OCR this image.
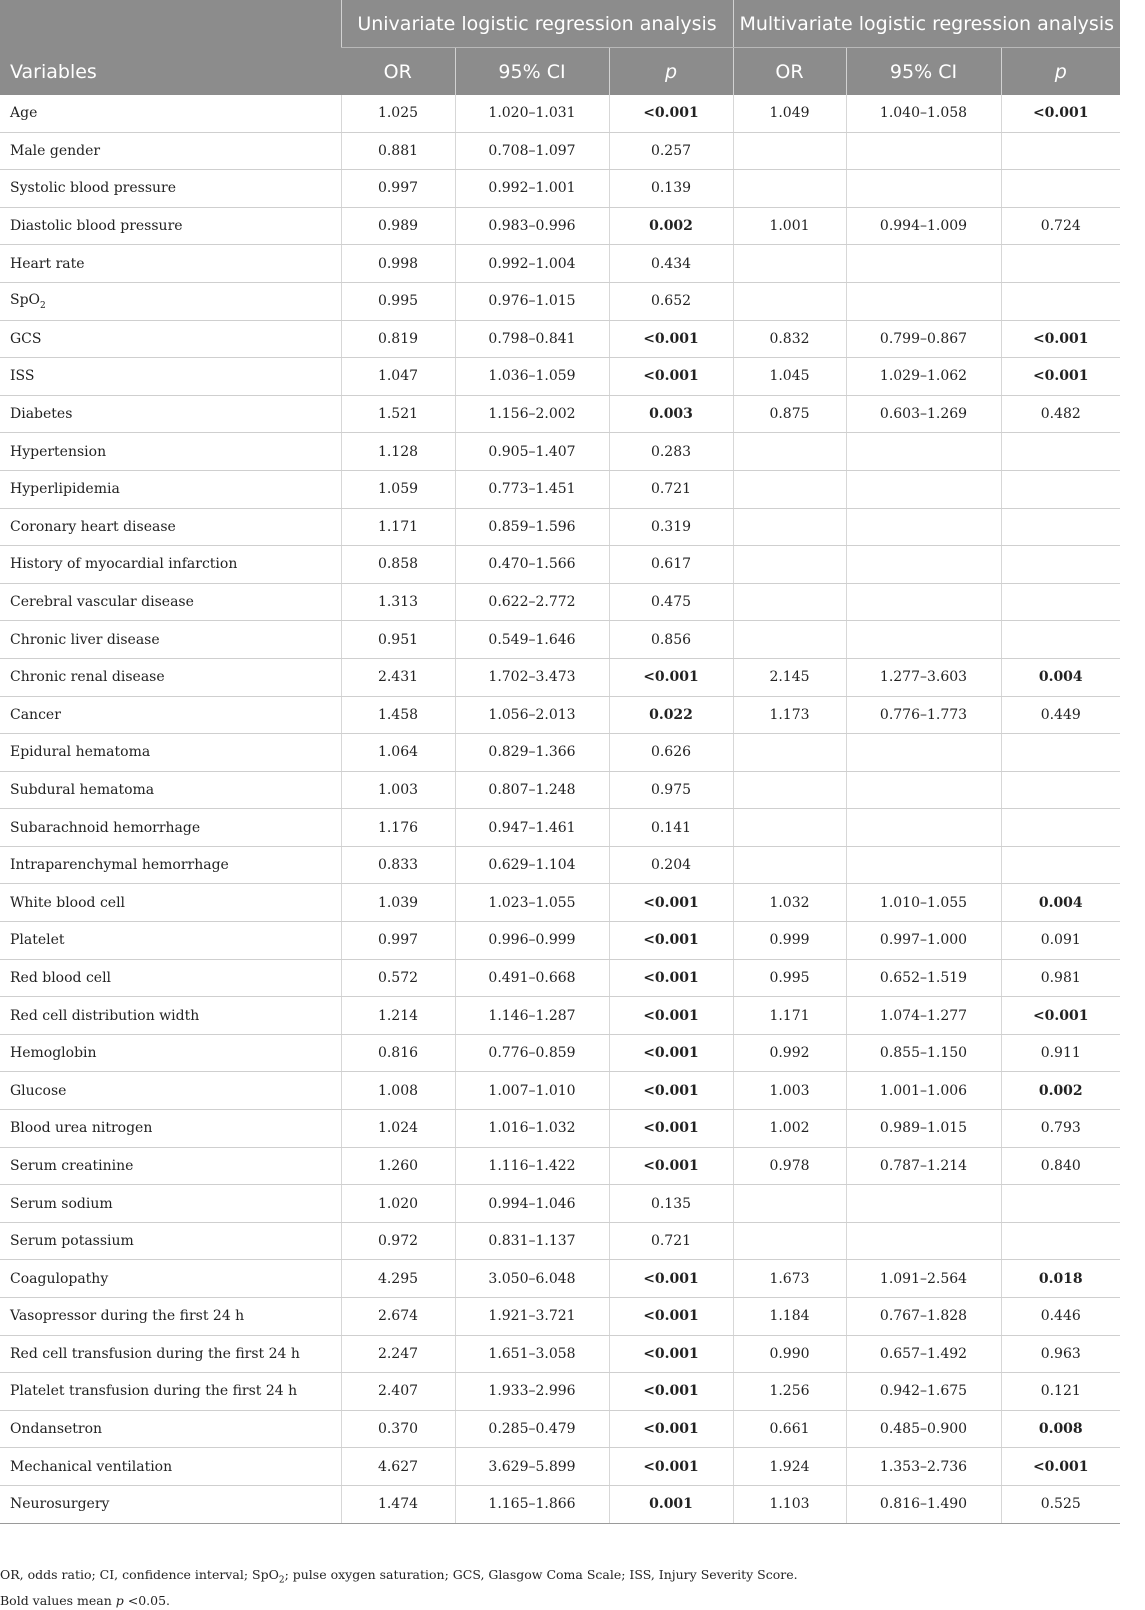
Variables	Univariate logistic regression analysis			Multivariate logistic regression analysis		
	OR	95% CI	p	OR	95% CI	p
Age	1.025	1.020–1.031	<0.001	1.049	1.040–1.058	<0.001
Male gender	0.881	0.708–1.097	0.257			
Systolic blood pressure	0.997	0.992–1.001	0.139			
Diastolic blood pressure	0.989	0.983–0.996	0.002	1.001	0.994–1.009	0.724
Heart rate	0.998	0.992–1.004	0.434			
SpO$_2$	0.995	0.976–1.015	0.652			
GCS	0.819	0.798–0.841	<0.001	0.832	0.799–0.867	<0.001
ISS	1.047	1.036–1.059	<0.001	1.045	1.029–1.062	<0.001
Diabetes	1.521	1.156–2.002	0.003	0.875	0.603–1.269	0.482
Hypertension	1.128	0.905–1.407	0.283			
Hyperlipidemia	1.059	0.773–1.451	0.721			
Coronary heart disease	1.171	0.859–1.596	0.319			
History of myocardial infarction	0.858	0.470–1.566	0.617			
Cerebral vascular disease	1.313	0.622–2.772	0.475			
Chronic liver disease	0.951	0.549–1.646	0.856			
Chronic renal disease	2.431	1.702–3.473	<0.001	2.145	1.277–3.603	0.004
Cancer	1.458	1.056–2.013	0.022	1.173	0.776–1.773	0.449
Epidural hematoma	1.064	0.829–1.366	0.626			
Subdural hematoma	1.003	0.807–1.248	0.975			
Subarachnoid hemorrhage	1.176	0.947–1.461	0.141			
Intraparenchymal hemorrhage	0.833	0.629–1.104	0.204			
White blood cell	1.039	1.023–1.055	<0.001	1.032	1.010–1.055	0.004
Platelet	0.997	0.996–0.999	<0.001	0.999	0.997–1.000	0.091
Red blood cell	0.572	0.491–0.668	<0.001	0.995	0.652–1.519	0.981
Red cell distribution width	1.214	1.146–1.287	<0.001	1.171	1.074–1.277	<0.001
Hemoglobin	0.816	0.776–0.859	<0.001	0.992	0.855–1.150	0.911
Glucose	1.008	1.007–1.010	<0.001	1.003	1.001–1.006	0.002
Blood urea nitrogen	1.024	1.016–1.032	<0.001	1.002	0.989–1.015	0.793
Serum creatinine	1.260	1.116–1.422	<0.001	0.978	0.787–1.214	0.840
Serum sodium	1.020	0.994–1.046	0.135			
Serum potassium	0.972	0.831–1.137	0.721			
Coagulopathy	4.295	3.050–6.048	<0.001	1.673	1.091–2.564	0.018
Vasopressor during the first 24 h	2.674	1.921–3.721	<0.001	1.184	0.767–1.828	0.446
Red cell transfusion during the first 24 h	2.247	1.651–3.058	<0.001	0.990	0.657–1.492	0.963
Platelet transfusion during the first 24 h	2.407	1.933–2.996	<0.001	1.256	0.942–1.675	0.121
Ondansetron	0.370	0.285–0.479	<0.001	0.661	0.485–0.900	0.008
Mechanical ventilation	4.627	3.629–5.899	<0.001	1.924	1.353–2.736	<0.001
Neurosurgery	1.474	1.165–1.866	0.001	1.103	0.816–1.490	0.525
OR, odds ratio; CI, confidence interval; SpO$_2$; pulse oxygen saturation; GCS, Glasgow Coma Scale; ISS, Injury Severity Score.
Bold values mean p <0.05.
